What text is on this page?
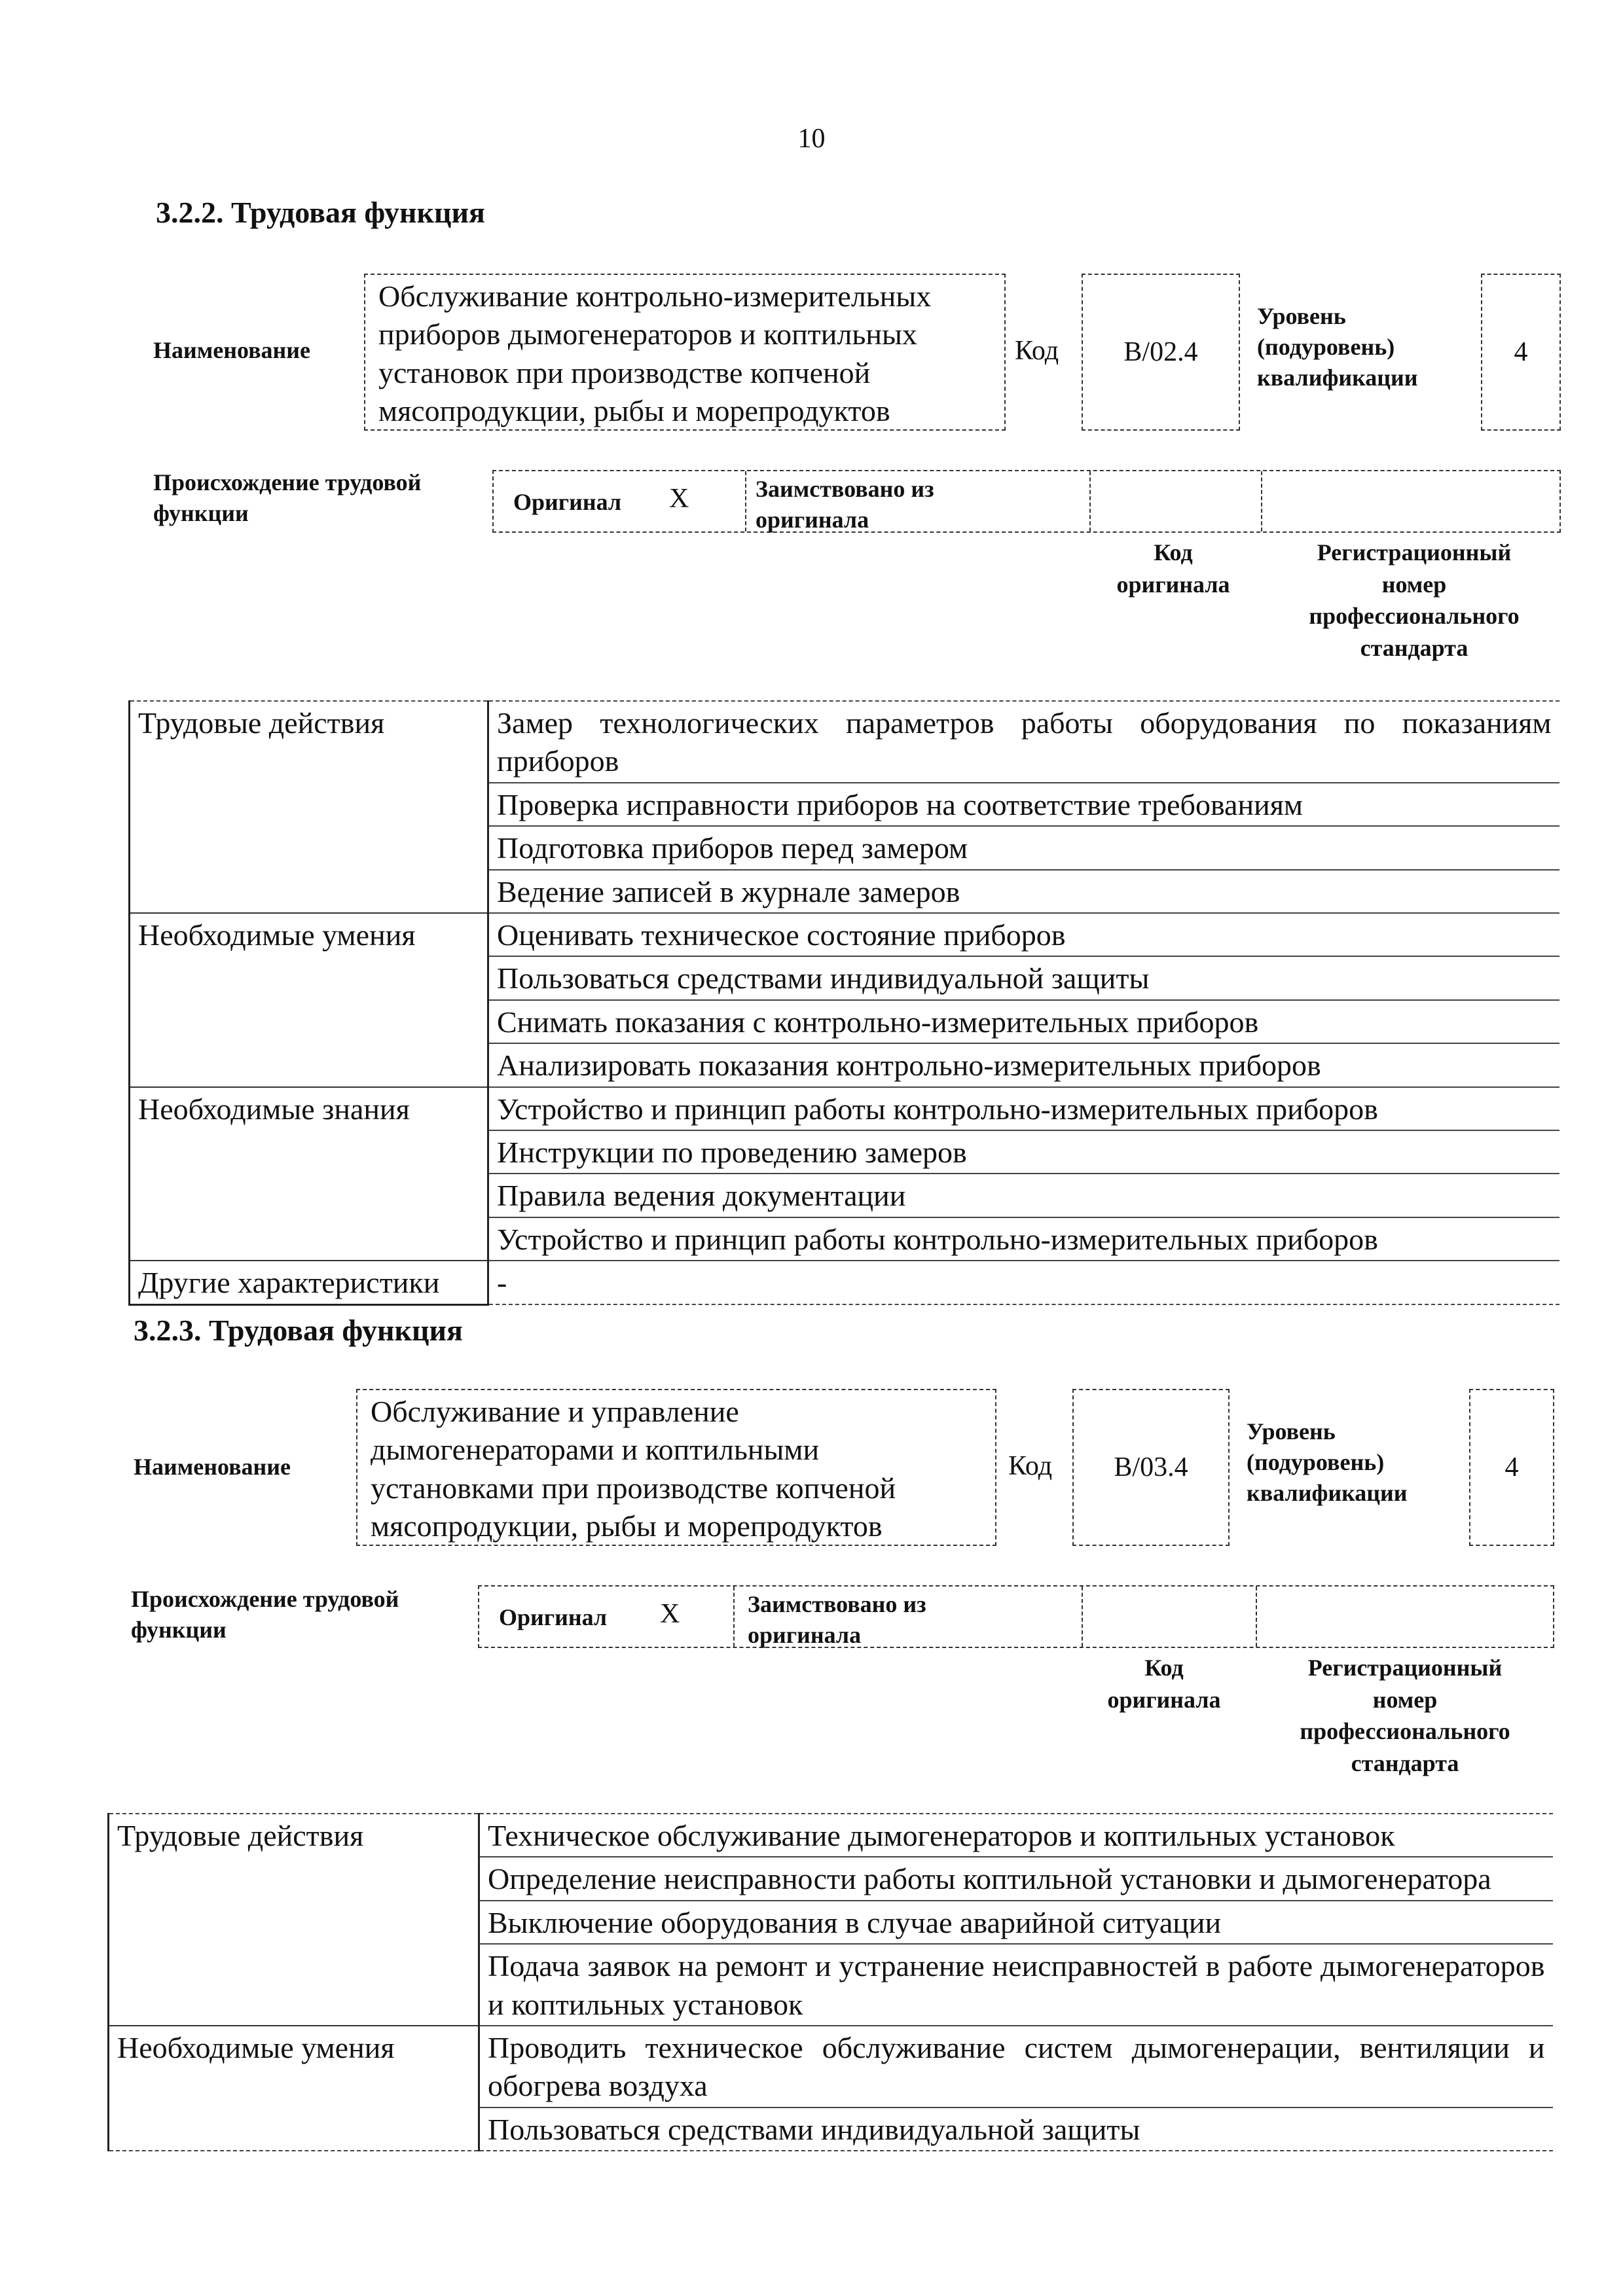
10
3.2.2. Трудовая функция
Наименование
Обслуживание контрольно-измерительных
приборов дымогенераторов и коптильных
установок при производстве копченой
мясопродукции, рыбы и морепродуктов
Код B/02.4
Уровень
(подуровень)
квалификации
4
Происхождение трудовой
функции	Оригинал X	Заимствовано из
оригинала
Код
оригинала
Регистрационный
номер
профессионального
стандарта
Трудовые действия	Замер технологических параметров работы оборудования по показаниям приборов
	Проверка исправности приборов на соответствие требованиям
	Подготовка приборов перед замером
	Ведение записей в журнале замеров
Необходимые умения	Оценивать техническое состояние приборов
	Пользоваться средствами индивидуальной защиты
	Снимать показания с контрольно-измерительных приборов
	Анализировать показания контрольно-измерительных приборов
Необходимые знания	Устройство и принцип работы контрольно-измерительных приборов
	Инструкции по проведению замеров
	Правила ведения документации
	Устройство и принцип работы контрольно-измерительных приборов
Другие характеристики	-
3.2.3. Трудовая функция
Наименование
Обслуживание и управление
дымогенераторами и коптильными
установками при производстве копченой
мясопродукции, рыбы и морепродуктов
Код B/03.4
Уровень
(подуровень)
квалификации
4
Происхождение трудовой
функции	Оригинал X	Заимствовано из
оригинала
Код
оригинала
Регистрационный
номер
профессионального
стандарта
Трудовые действия	Техническое обслуживание дымогенераторов и коптильных установок
	Определение неисправности работы коптильной установки и дымогенератора
	Выключение оборудования в случае аварийной ситуации
	Подача заявок на ремонт и устранение неисправностей в работе дымогенераторов и коптильных установок
Необходимые умения	Проводить техническое обслуживание систем дымогенерации, вентиляции и обогрева воздуха
	Пользоваться средствами индивидуальной защиты
